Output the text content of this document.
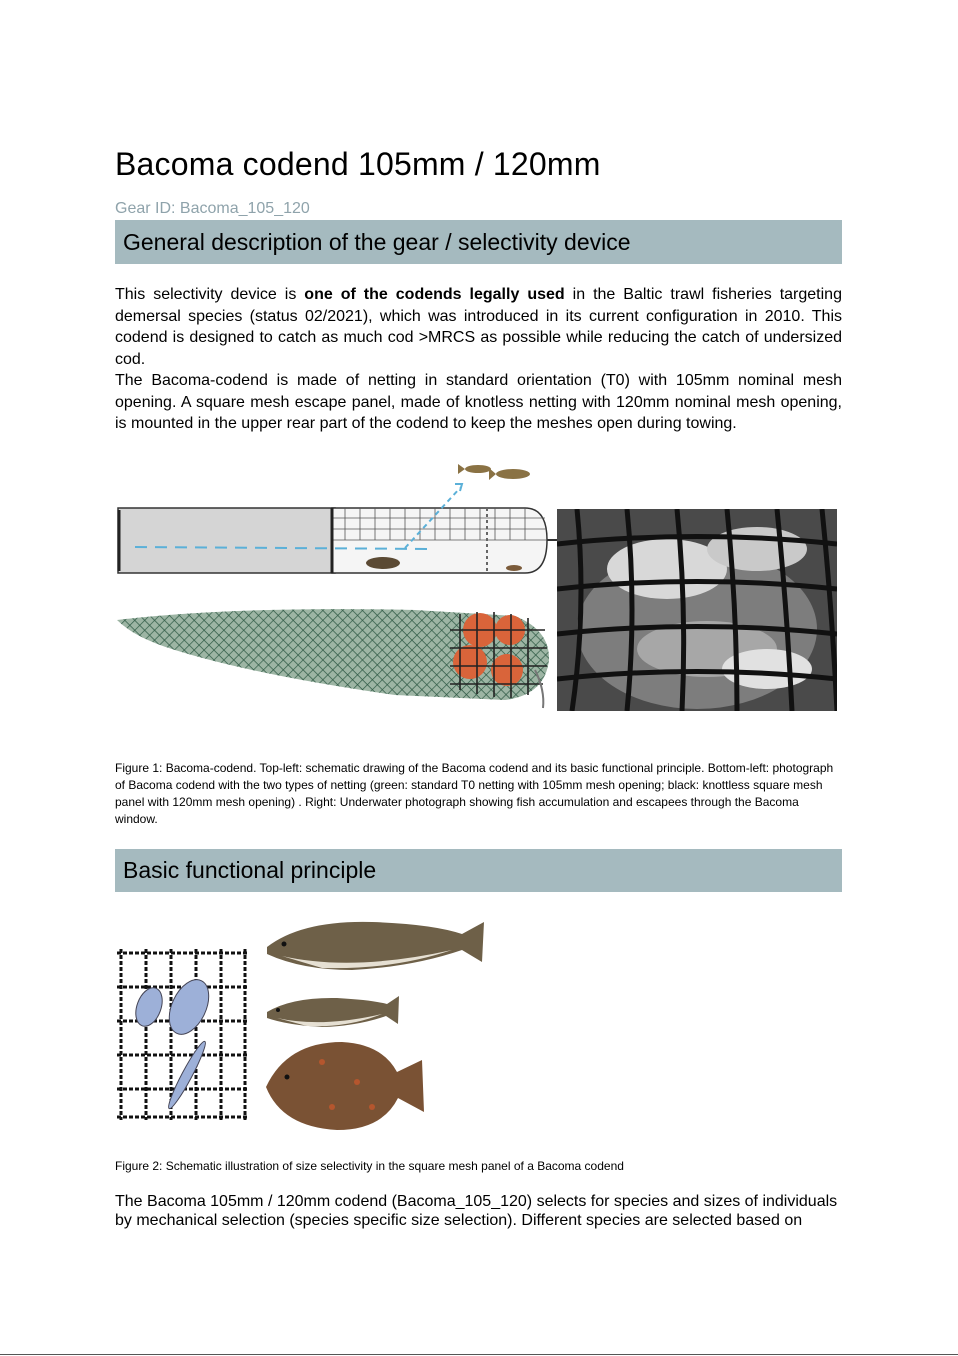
Bacoma codend 105mm / 120mm
Gear ID: Bacoma_105_120
General description of the gear / selectivity device

This selectivity device is one of the codends legally used in the Baltic trawl fisheries targeting demersal species (status 02/2021), which was introduced in its current configuration in 2010. This codend is designed to catch as much cod >MRCS as possible while reducing the catch of undersized cod.

The Bacoma-codend is made of netting in standard orientation (T0) with 105mm nominal mesh opening. A square mesh escape panel, made of knotless netting with 120mm nominal mesh opening, is mounted in the upper rear part of the codend to keep the meshes open during towing.

Figure 1: Bacoma-codend. Top-left: schematic drawing of the Bacoma codend and its basic functional principle. Bottom-left: photograph of Bacoma codend with the two types of netting (green: standard T0 netting with 105mm mesh opening; black: knottless square mesh panel with 120mm mesh opening) . Right: Underwater photograph showing fish accumulation and escapees through the Bacoma window.

Basic functional principle

Figure 2: Schematic illustration of size selectivity in the square mesh panel of a Bacoma codend

The Bacoma 105mm / 120mm codend (Bacoma_105_120) selects for species and sizes of individuals by mechanical selection (species specific size selection). Different species are selected based on
